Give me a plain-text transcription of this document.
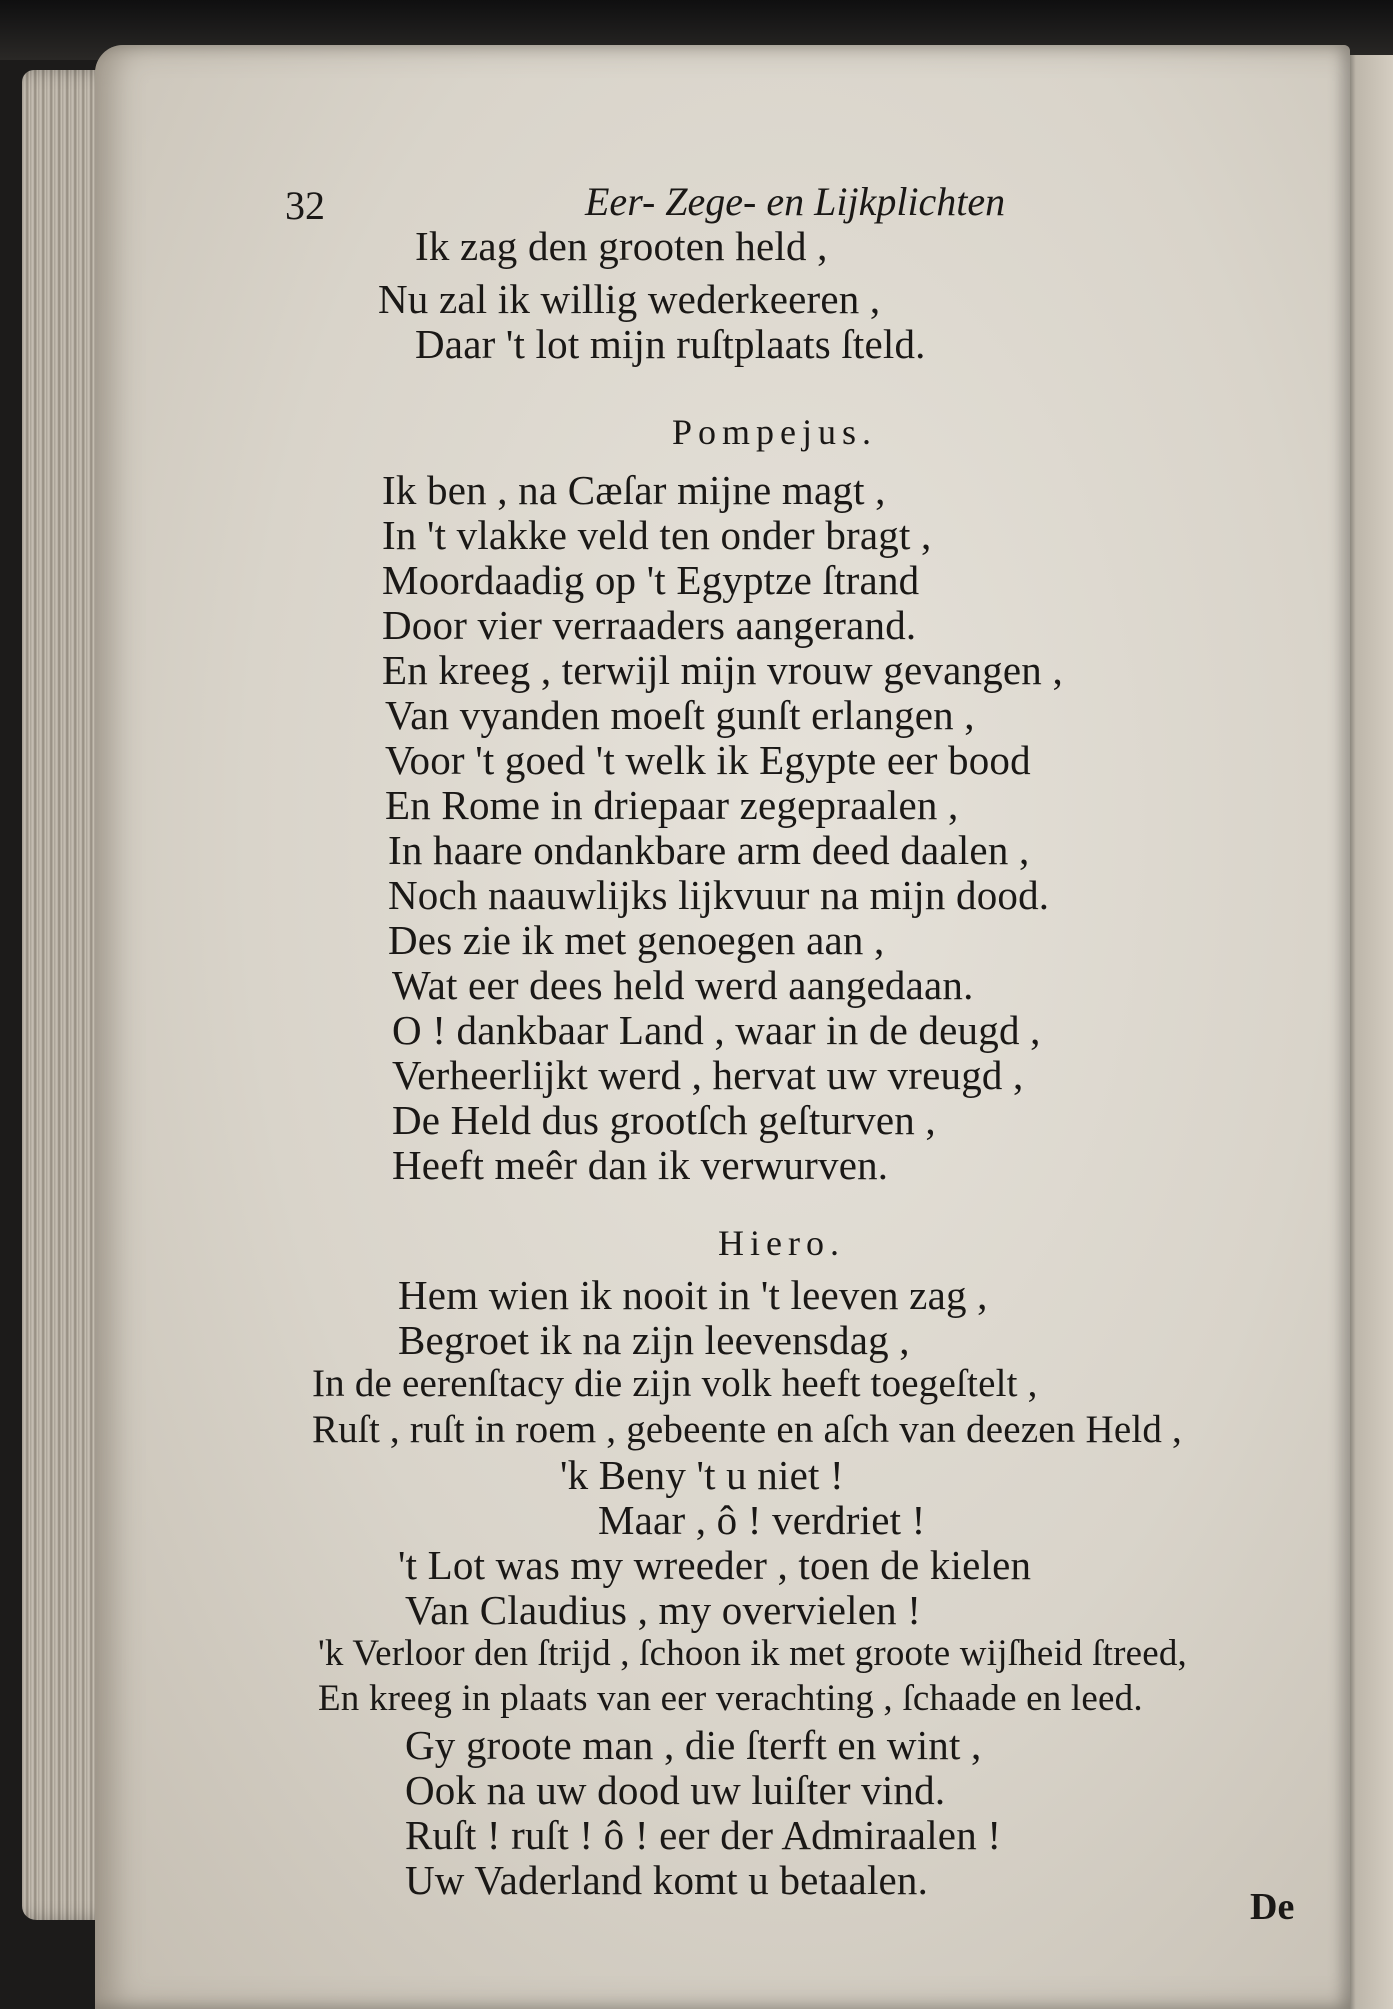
32	Eer- Zege- en Lijkplichten
Ik zag den grooten held ,
Nu zal ik willig wederkeeren ,
Daar 't lot mijn ruſtplaats ſteld.
Pompejus.
Ik ben , na Cæſar mijne magt ,
In 't vlakke veld ten onder bragt ,
Moordaadig op 't Egyptze ſtrand
Door vier verraaders aangerand.
En kreeg , terwijl mijn vrouw gevangen ,
Van vyanden moeſt gunſt erlangen ,
Voor 't goed 't welk ik Egypte eer bood
En Rome in driepaar zegepraalen ,
In haare ondankbare arm deed daalen ,
Noch naauwlijks lijkvuur na mijn dood.
Des zie ik met genoegen aan ,
Wat eer dees held werd aangedaan.
O ! dankbaar Land , waar in de deugd ,
Verheerlijkt werd , hervat uw vreugd ,
De Held dus grootſch geſturven ,
Heeft meêr dan ik verwurven.
Hiero.
Hem wien ik nooit in 't leeven zag ,
Begroet ik na zijn leevensdag ,
In de eerenſtacy die zijn volk heeft toegeſtelt ,
Ruſt , ruſt in roem , gebeente en aſch van deezen Held ,
'k Beny 't u niet !
Maar , ô ! verdriet !
't Lot was my wreeder , toen de kielen
Van Claudius , my overvielen !
'k Verloor den ſtrijd , ſchoon ik met groote wijſheid ſtreed,
En kreeg in plaats van eer verachting , ſchaade en leed.
Gy groote man , die ſterft en wint ,
Ook na uw dood uw luiſter vind.
Ruſt ! ruſt ! ô ! eer der Admiraalen !
Uw Vaderland komt u betaalen.
De
